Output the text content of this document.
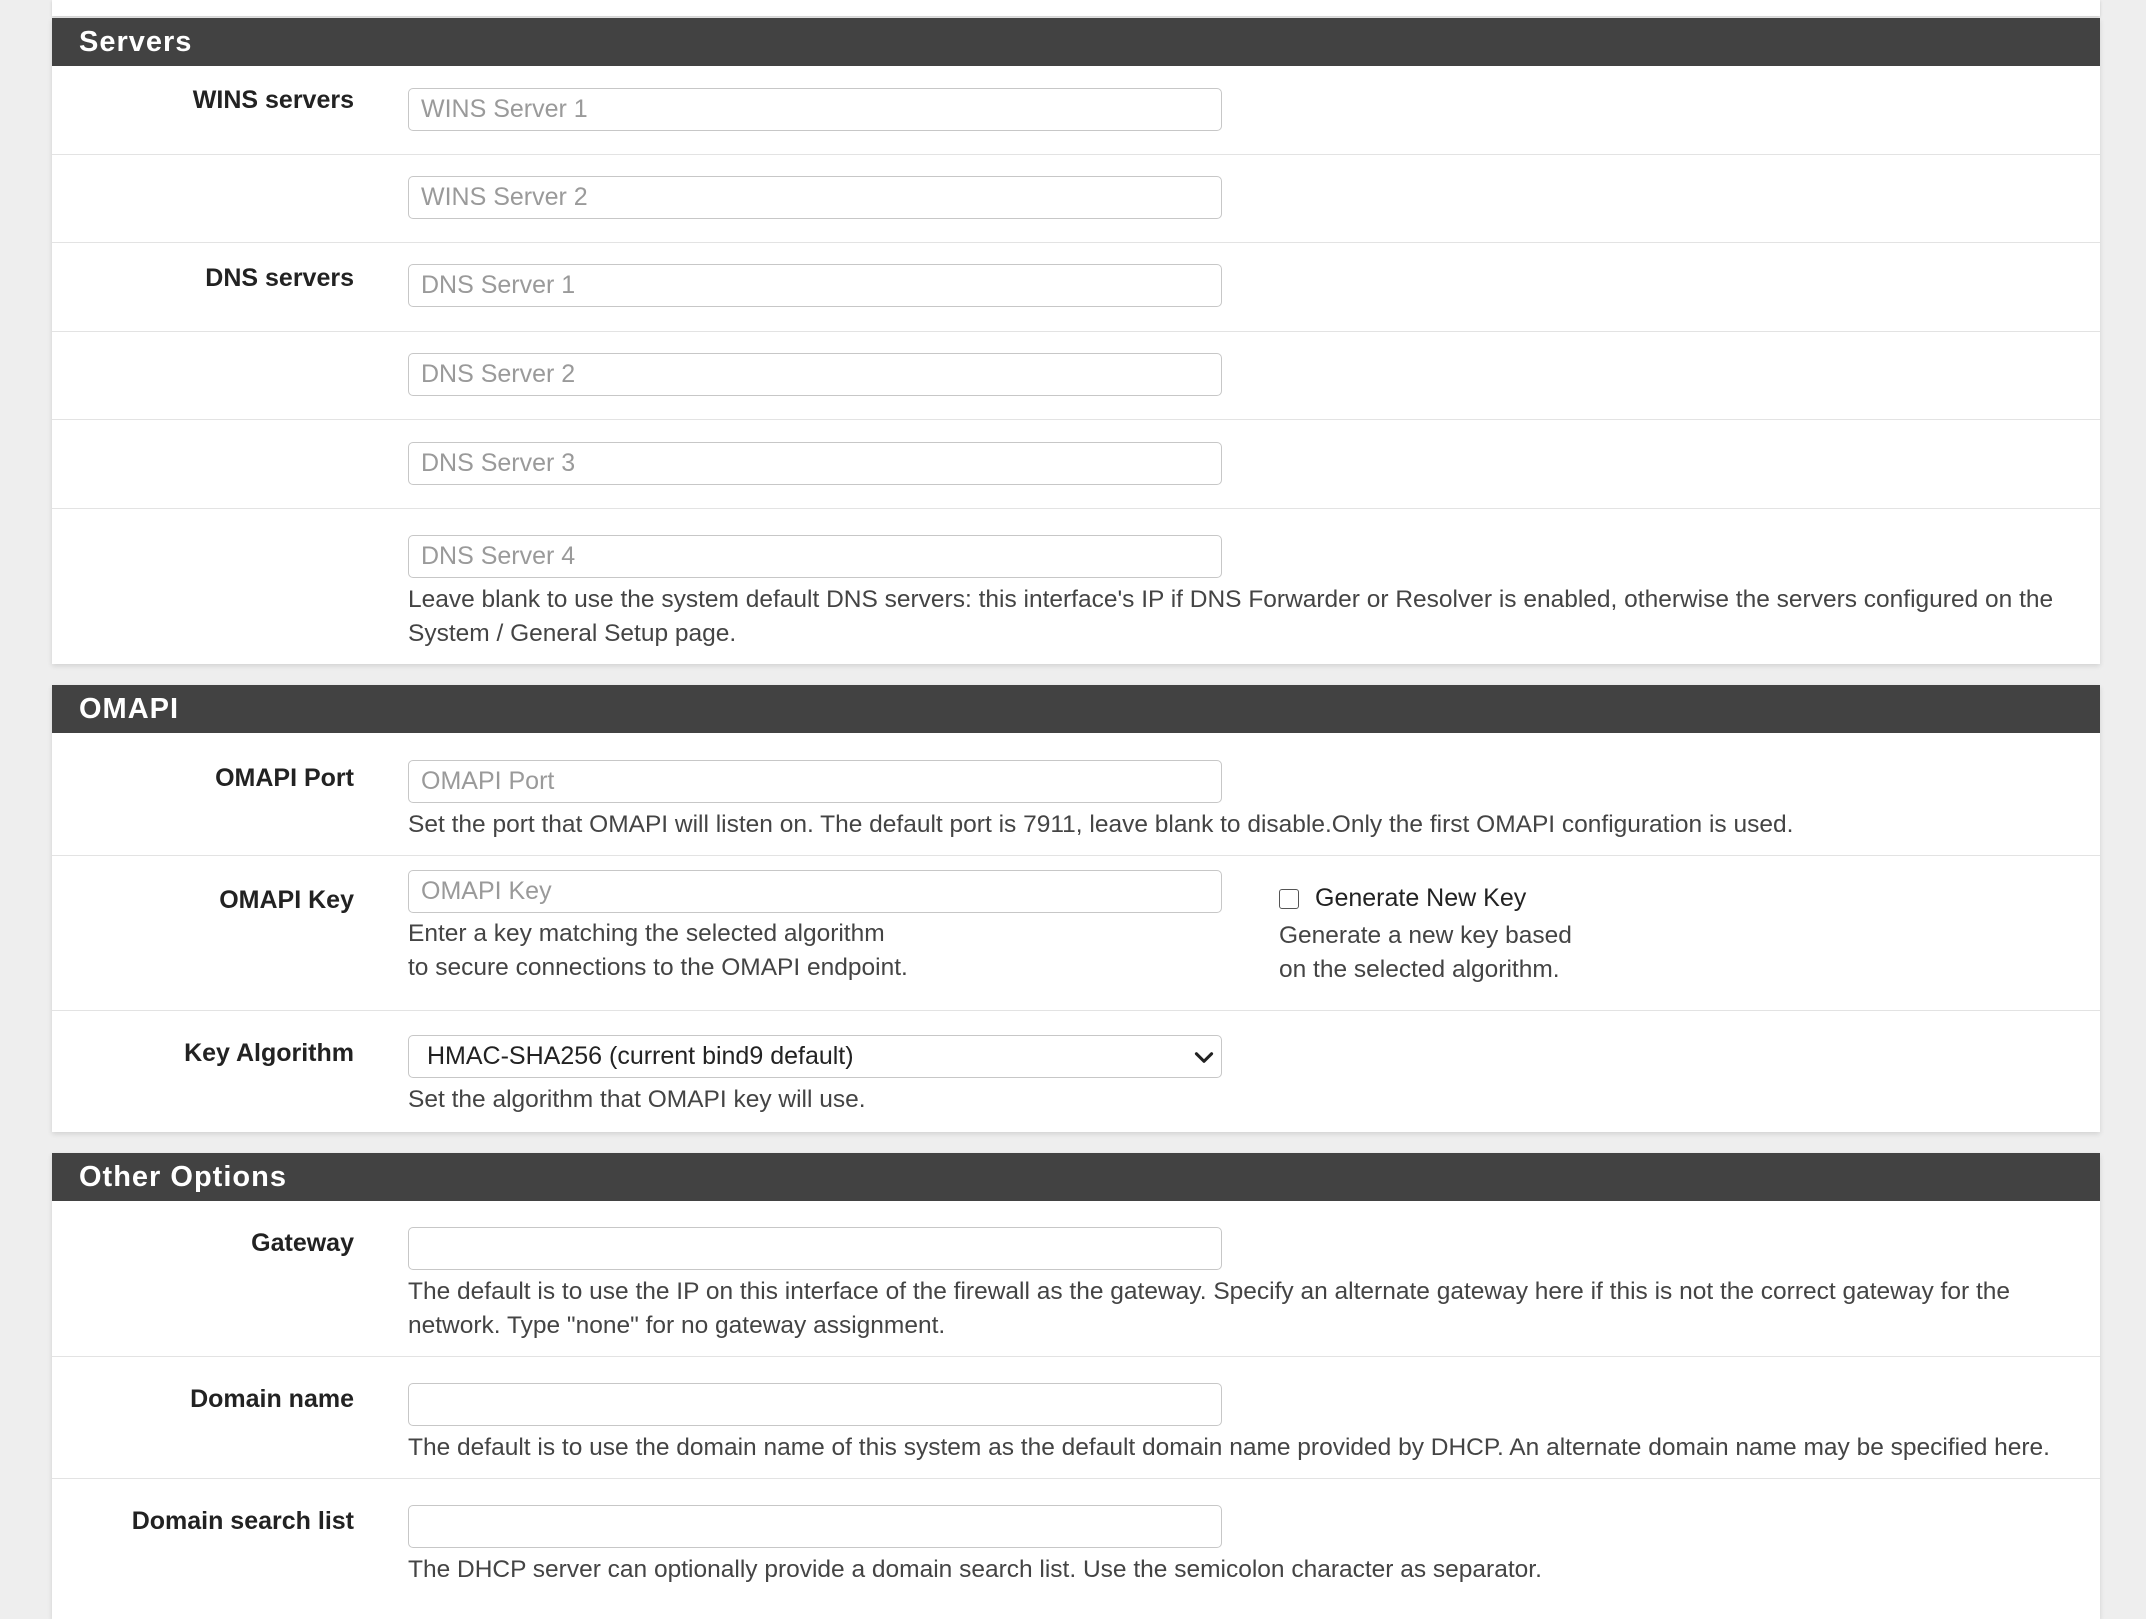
Servers
WINS servers
WINS Server 1
WINS Server 2
DNS servers
DNS Server 1
DNS Server 2
DNS Server 3
DNS Server 4
Leave blank to use the system default DNS servers: this interface's IP if DNS Forwarder or Resolver is enabled, otherwise the servers configured on the System / General Setup page.
OMAPI
OMAPI Port
OMAPI Port
Set the port that OMAPI will listen on. The default port is 7911, leave blank to disable.Only the first OMAPI configuration is used.
OMAPI Key
OMAPI Key
Enter a key matching the selected algorithm
to secure connections to the OMAPI endpoint.
Generate New Key
Generate a new key based
on the selected algorithm.
Key Algorithm	HMAC-SHA256 (current bind9 default)
Set the algorithm that OMAPI key will use.
Other Options
Gateway
The default is to use the IP on this interface of the firewall as the gateway. Specify an alternate gateway here if this is not the correct gateway for the network. Type "none" for no gateway assignment.
Domain name
The default is to use the domain name of this system as the default domain name provided by DHCP. An alternate domain name may be specified here.
Domain search list
The DHCP server can optionally provide a domain search list. Use the semicolon character as separator.
